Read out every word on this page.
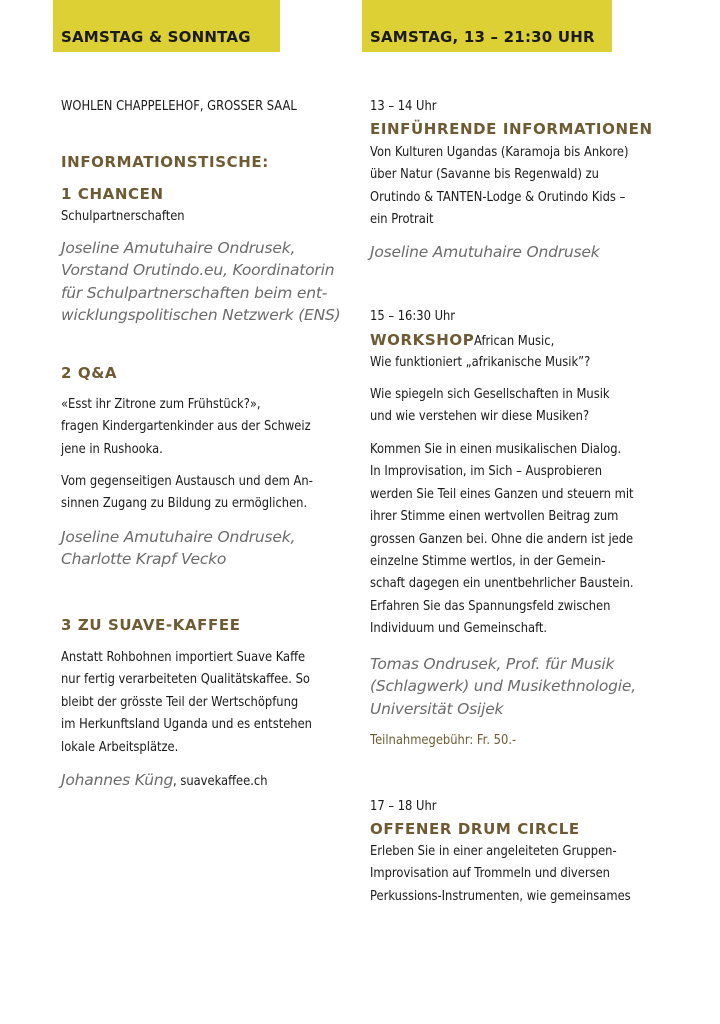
SAMSTAG & SONNTAG
WOHLEN CHAPPELEHOF, GROSSER SAAL
INFORMATIONSTISCHE:
1 CHANCEN

Schulpartnerschaften

Joseline Amutuhaire Ondrusek,

Vorstand Orutindo.eu, Koordinatorin

für Schulpartnerschaften beim ent-

wicklungspolitischen Netzwerk (ENS)

2 Q&A

«Esst ihr Zitrone zum Frühstück?»,

fragen Kindergartenkinder aus der Schweiz

jene in Rushooka.

Vom gegenseitigen Austausch und dem An-

sinnen Zugang zu Bildung zu ermöglichen.

Joseline Amutuhaire Ondrusek,

Charlotte Krapf Vecko

3 ZU SUAVE-KAFFEE

Anstatt Rohbohnen importiert Suave Kaffe

nur fertig verarbeiteten Qualitätskaffee. So

bleibt der grösste Teil der Wertschöpfung

im Herkunftsland Uganda und es entstehen

lokale Arbeitsplätze.

Johannes Küng, suavekaffee.ch
SAMSTAG, 13 – 21:30 UHR
13 – 14 Uhr
EINFÜHRENDE INFORMATIONEN

Von Kulturen Ugandas (Karamoja bis Ankore)

über Natur (Savanne bis Regenwald) zu

Orutindo & TANTEN-Lodge & Orutindo Kids –

ein Protrait

Joseline Amutuhaire Ondrusek
15 – 16:30 Uhr
WORKSHOPAfrican Music,
Wie funktioniert „afrikanische Musik”?

Wie spiegeln sich Gesellschaften in Musik

und wie verstehen wir diese Musiken?

Kommen Sie in einen musikalischen Dialog.

In Improvisation, im Sich – Ausprobieren

werden Sie Teil eines Ganzen und steuern mit

ihrer Stimme einen wertvollen Beitrag zum

grossen Ganzen bei. Ohne die andern ist jede

einzelne Stimme wertlos, in der Gemein-

schaft dagegen ein unentbehrlicher Baustein.

Erfahren Sie das Spannungsfeld zwischen

Individuum und Gemeinschaft.

Tomas Ondrusek, Prof. für Musik

(Schlagwerk) und Musikethnologie,

Universität Osijek

Teilnahmegebühr: Fr. 50.-
17 – 18 Uhr
OFFENER DRUM CIRCLE

Erleben Sie in einer angeleiteten Gruppen-

Improvisation auf Trommeln und diversen

Perkussions-Instrumenten, wie gemeinsames
